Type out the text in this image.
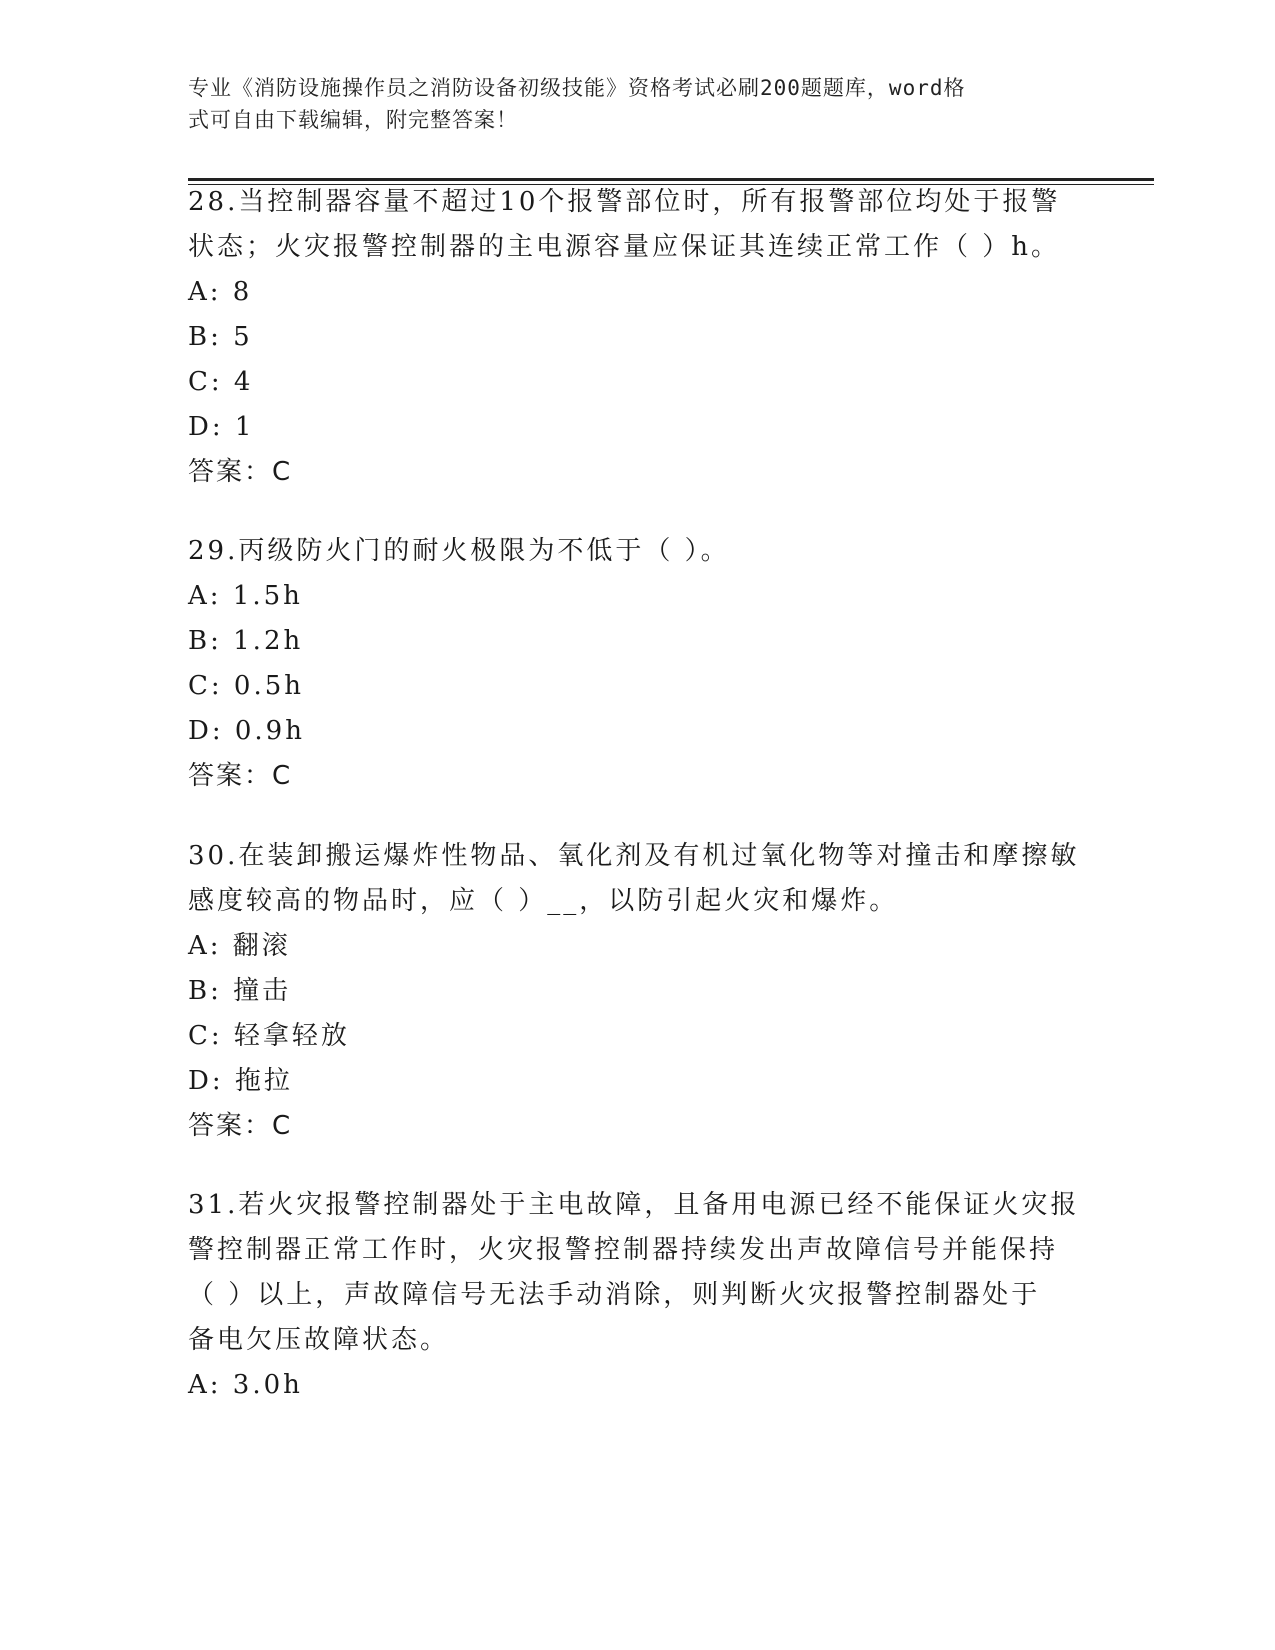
专业《消防设施操作员之消防设备初级技能》资格考试必刷200题题库，word格
式可自由下载编辑，附完整答案！

28.当控制器容量不超过10个报警部位时，所有报警部位均处于报警

状态；火灾报警控制器的主电源容量应保证其连续正常工作（ ）h。

A: 8

B: 5

C: 4

D: 1

答案：C

29.丙级防火门的耐火极限为不低于（ ）。

A: 1.5h

B: 1.2h

C: 0.5h

D: 0.9h

答案：C

30.在装卸搬运爆炸性物品、氧化剂及有机过氧化物等对撞击和摩擦敏

感度较高的物品时，应（ ）__，以防引起火灾和爆炸。

A: 翻滚

B: 撞击

C: 轻拿轻放

D: 拖拉

答案：C

31.若火灾报警控制器处于主电故障，且备用电源已经不能保证火灾报

警控制器正常工作时，火灾报警控制器持续发出声故障信号并能保持

（ ）以上，声故障信号无法手动消除，则判断火灾报警控制器处于

备电欠压故障状态。

A: 3.0h
